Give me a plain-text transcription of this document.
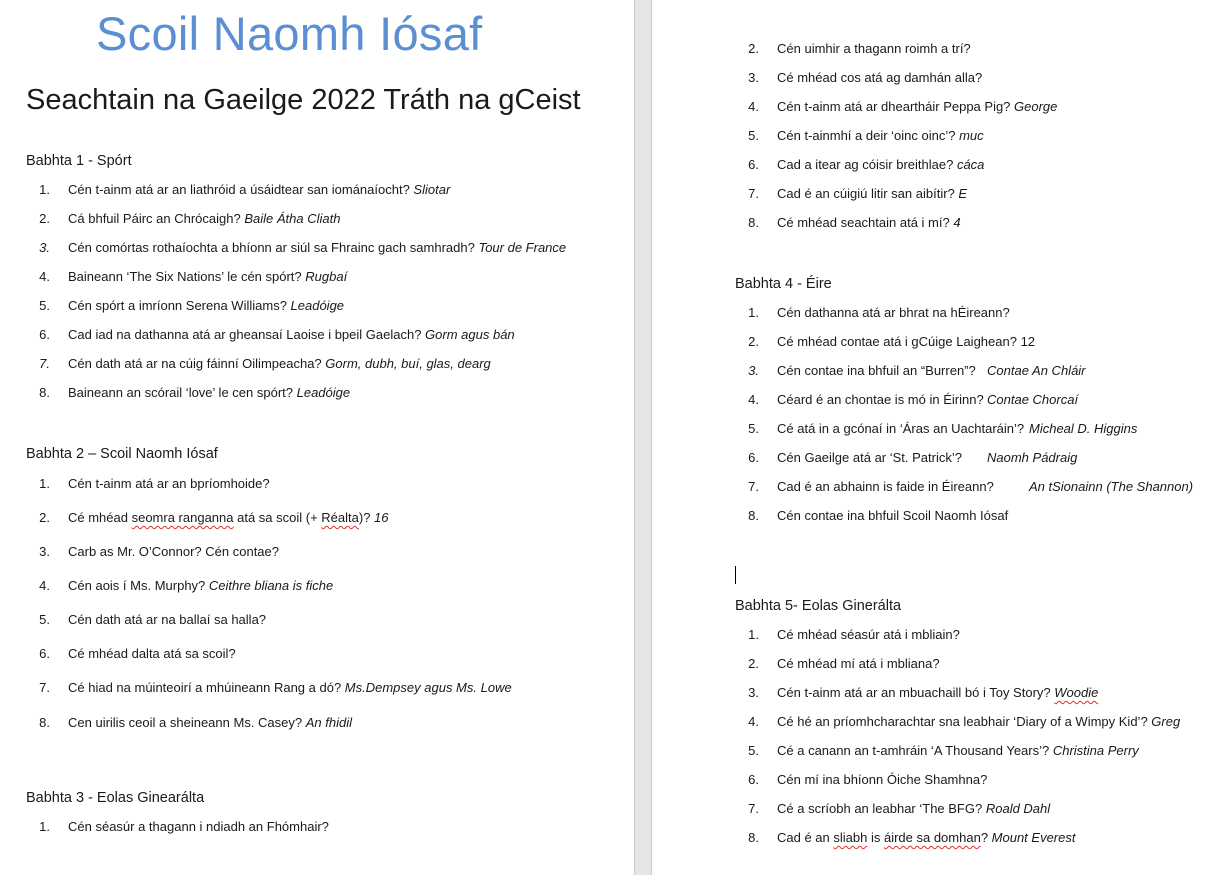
Scoil Naomh Iósaf
Seachtain na Gaeilge 2022 Tráth na gCeist
Babhta 1 - Spórt
1. Cén t-ainm atá ar an liathróid a úsáidtear san iománaíocht? Sliotar
2. Cá bhfuil Páirc an Chrócaigh? Baile Átha Cliath
3. Cén comórtas rothaíochta a bhíonn ar siúl sa Fhrainc gach samhradh? Tour de France
4. Baineann ‘The Six Nations’ le cén spórt? Rugbaí
5. Cén spórt a imríonn Serena Williams? Leadóige
6. Cad iad na dathanna atá ar gheansaí Laoise i bpeil Gaelach? Gorm agus bán
7. Cén dath atá ar na cúig fáinní Oilimpeacha? Gorm, dubh, buí, glas, dearg
8. Baineann an scórail ‘love’ le cen spórt? Leadóige
Babhta 2 – Scoil Naomh Iósaf
1. Cén t-ainm atá ar an bpríomhoide?
2. Cé mhéad seomra ranganna atá sa scoil (+ Réalta)? 16
3. Carb as Mr. O’Connor? Cén contae?
4. Cén aois í Ms. Murphy? Ceithre bliana is fiche
5. Cén dath atá ar na ballaí sa halla?
6. Cé mhéad dalta atá sa scoil?
7. Cé hiad na múinteoirí a mhúineann Rang a dó? Ms.Dempsey agus Ms. Lowe
8. Cen uirilis ceoil a sheineann Ms. Casey? An fhidil
Babhta 3 - Eolas Ginearálta
1. Cén séasúr a thagann i ndiadh an Fhómhair?
2. Cén uimhir a thagann roimh a trí?
3. Cé mhéad cos atá ag damhán alla?
4. Cén t-ainm atá ar dheartháir Peppa Pig? George
5. Cén t-ainmhí a deir ‘oinc oinc’? muc
6. Cad a itear ag cóisir breithlae? cáca
7. Cad é an cúigiú litir san aibítir? E
8. Cé mhéad seachtain atá i mí? 4
Babhta 4 - Éire
1. Cén dathanna atá ar bhrat na hÉireann?
2. Cé mhéad contae atá i gCúige Laighean? 12
3. Cén contae ina bhfuil an “Burren”? Contae An Chláir
4. Céard é an chontae is mó in Éirinn? Contae Chorcaí
5. Cé atá in a gcónaí in ‘Áras an Uachtaráin’? Micheal D. Higgins
6. Cén Gaeilge atá ar ‘St. Patrick’? Naomh Pádraig
7. Cad é an abhainn is faide in Éireann?	An tSionainn (The Shannon)
8. Cén contae ina bhfuil Scoil Naomh Iósaf
Babhta 5- Eolas Ginerálta
1. Cé mhéad séasúr atá i mbliain?
2. Cé mhéad mí atá i mbliana?
3. Cén t-ainm atá ar an mbuachaill bó i Toy Story? Woodie
4. Cé hé an príomhcharachtar sna leabhair ‘Diary of a Wimpy Kid’? Greg
5. Cé a canann an t-amhráin ‘A Thousand Years’? Christina Perry
6. Cén mí ina bhíonn Óiche Shamhna?
7. Cé a scríobh an leabhar ‘The BFG? Roald Dahl
8. Cad é an sliabh is áirde sa domhan? Mount Everest
